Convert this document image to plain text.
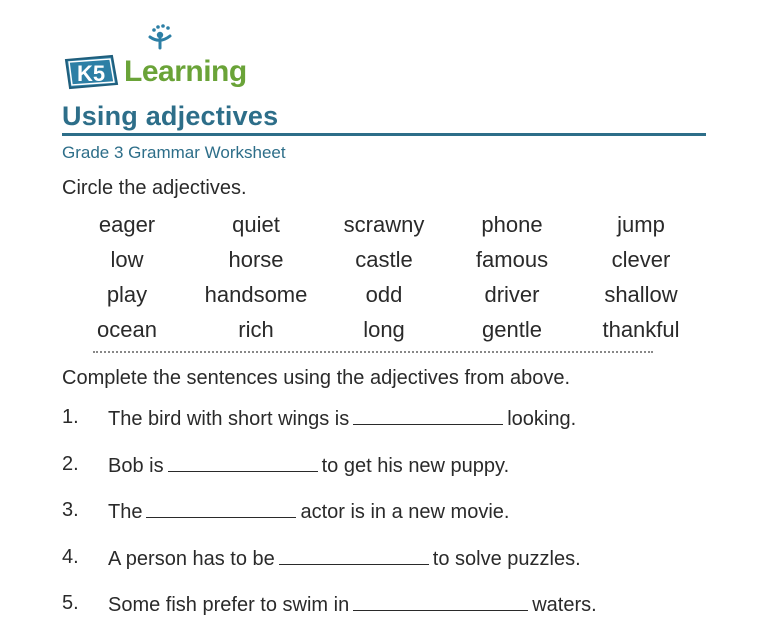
K5 Learning
Using adjectives
Grade 3 Grammar Worksheet
Circle the adjectives.
eager	quiet	scrawny	phone	jump
low	horse	castle	famous	clever
play	handsome	odd	driver	shallow
ocean	rich	long	gentle	thankful
Complete the sentences using the adjectives from above.
1. The bird with short wings is	looking.
2. Bob is	to get his new puppy.
3. The	actor is in a new movie.
4. A person has to be	to solve puzzles.
5. Some fish prefer to swim in	waters.
